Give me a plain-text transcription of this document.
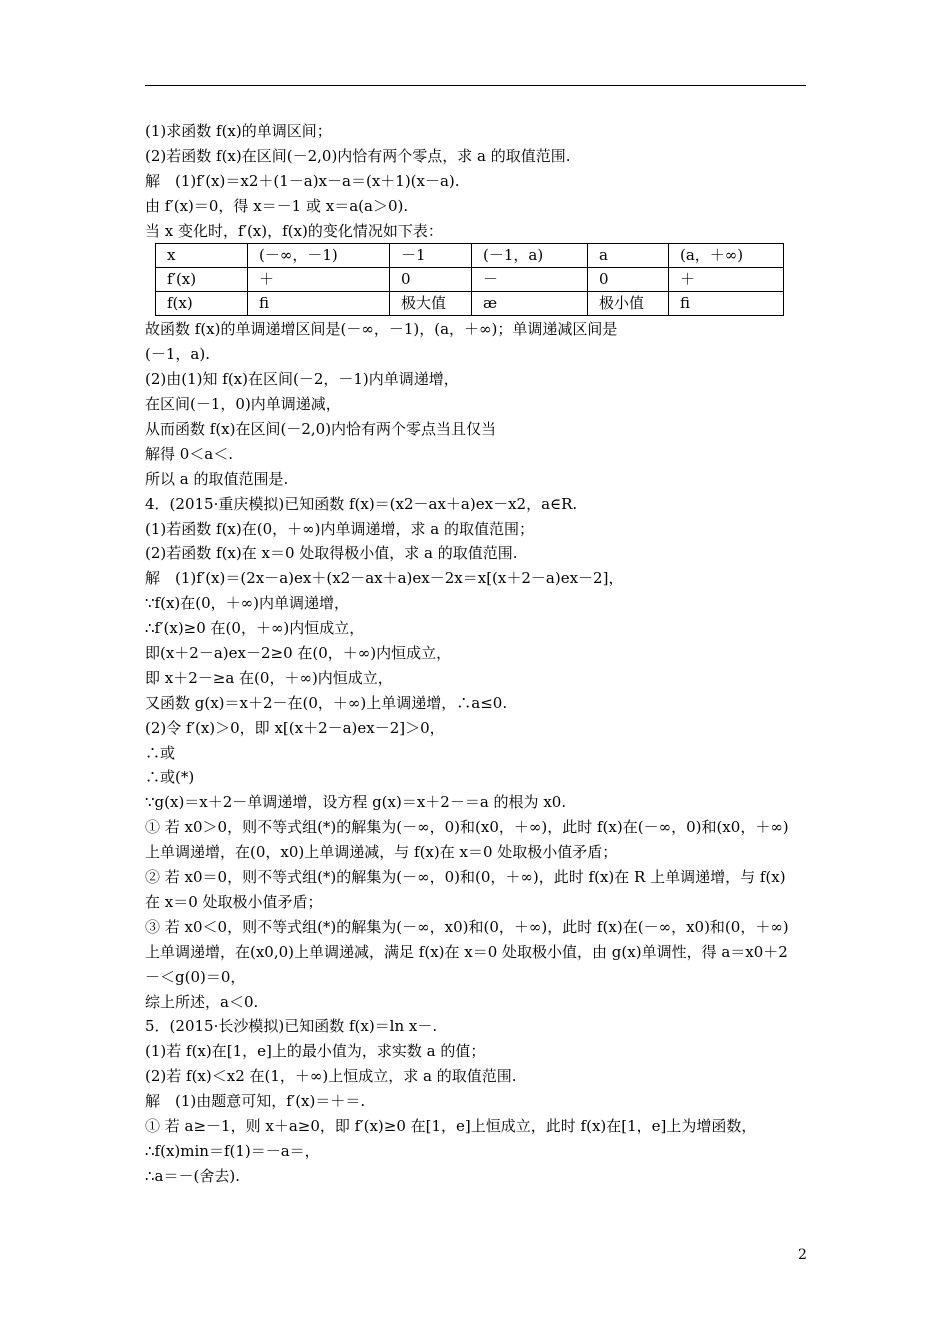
(1)求函数 f(x)的单调区间；
(2)若函数 f(x)在区间(－2,0)内恰有两个零点，求 a 的取值范围.
解　(1)f′(x)＝x2＋(1－a)x－a＝(x＋1)(x－a).
由 f′(x)＝0，得 x＝－1 或 x＝a(a＞0).
当 x 变化时，f′(x)，f(x)的变化情况如下表：
x	(－∞，－1)	－1	(－1，a)	a	(a，＋∞)
f′(x)	＋	0	－	0	＋
f(x)	ﬁ	极大值	æ	极小值	ﬁ
故函数 f(x)的单调递增区间是(－∞，－1)，(a，＋∞)；单调递减区间是
(－1，a).
(2)由(1)知 f(x)在区间(－2，－1)内单调递增，
在区间(－1，0)内单调递减，
从而函数 f(x)在区间(－2,0)内恰有两个零点当且仅当
解得 0＜a＜.
所以 a 的取值范围是.
4．(2015·重庆模拟)已知函数 f(x)＝(x2－ax＋a)ex－x2，a∈R.
(1)若函数 f(x)在(0，＋∞)内单调递增，求 a 的取值范围；
(2)若函数 f(x)在 x＝0 处取得极小值，求 a 的取值范围.
解　(1)f′(x)＝(2x－a)ex＋(x2－ax＋a)ex－2x＝x[(x＋2－a)ex－2]，
∵f(x)在(0，＋∞)内单调递增，
∴f′(x)≥0 在(0，＋∞)内恒成立，
即(x＋2－a)ex－2≥0 在(0，＋∞)内恒成立，
即 x＋2－≥a 在(0，＋∞)内恒成立，
又函数 g(x)＝x＋2－在(0，＋∞)上单调递增，∴a≤0.
(2)令 f′(x)＞0，即 x[(x＋2－a)ex－2]＞0，
∴或
∴或(*)
∵g(x)＝x＋2－单调递增，设方程 g(x)＝x＋2－＝a 的根为 x0.
① 若 x0＞0，则不等式组(*)的解集为(－∞，0)和(x0，＋∞)，此时 f(x)在(－∞，0)和(x0，＋∞)
上单调递增，在(0，x0)上单调递减，与 f(x)在 x＝0 处取极小值矛盾；
② 若 x0＝0，则不等式组(*)的解集为(－∞，0)和(0，＋∞)，此时 f(x)在 R 上单调递增，与 f(x)
在 x＝0 处取极小值矛盾；
③ 若 x0＜0，则不等式组(*)的解集为(－∞，x0)和(0，＋∞)，此时 f(x)在(－∞，x0)和(0，＋∞)
上单调递增，在(x0,0)上单调递减，满足 f(x)在 x＝0 处取极小值，由 g(x)单调性，得 a＝x0＋2
－＜g(0)＝0，
综上所述，a＜0.
5．(2015·长沙模拟)已知函数 f(x)＝ln x－.
(1)若 f(x)在[1，e]上的最小值为，求实数 a 的值；
(2)若 f(x)＜x2 在(1，＋∞)上恒成立，求 a 的取值范围.
解　(1)由题意可知，f′(x)＝＋＝.
① 若 a≥－1，则 x＋a≥0，即 f′(x)≥0 在[1，e]上恒成立，此时 f(x)在[1，e]上为增函数，
∴f(x)min＝f(1)＝－a＝，
∴a＝－(舍去).
2
